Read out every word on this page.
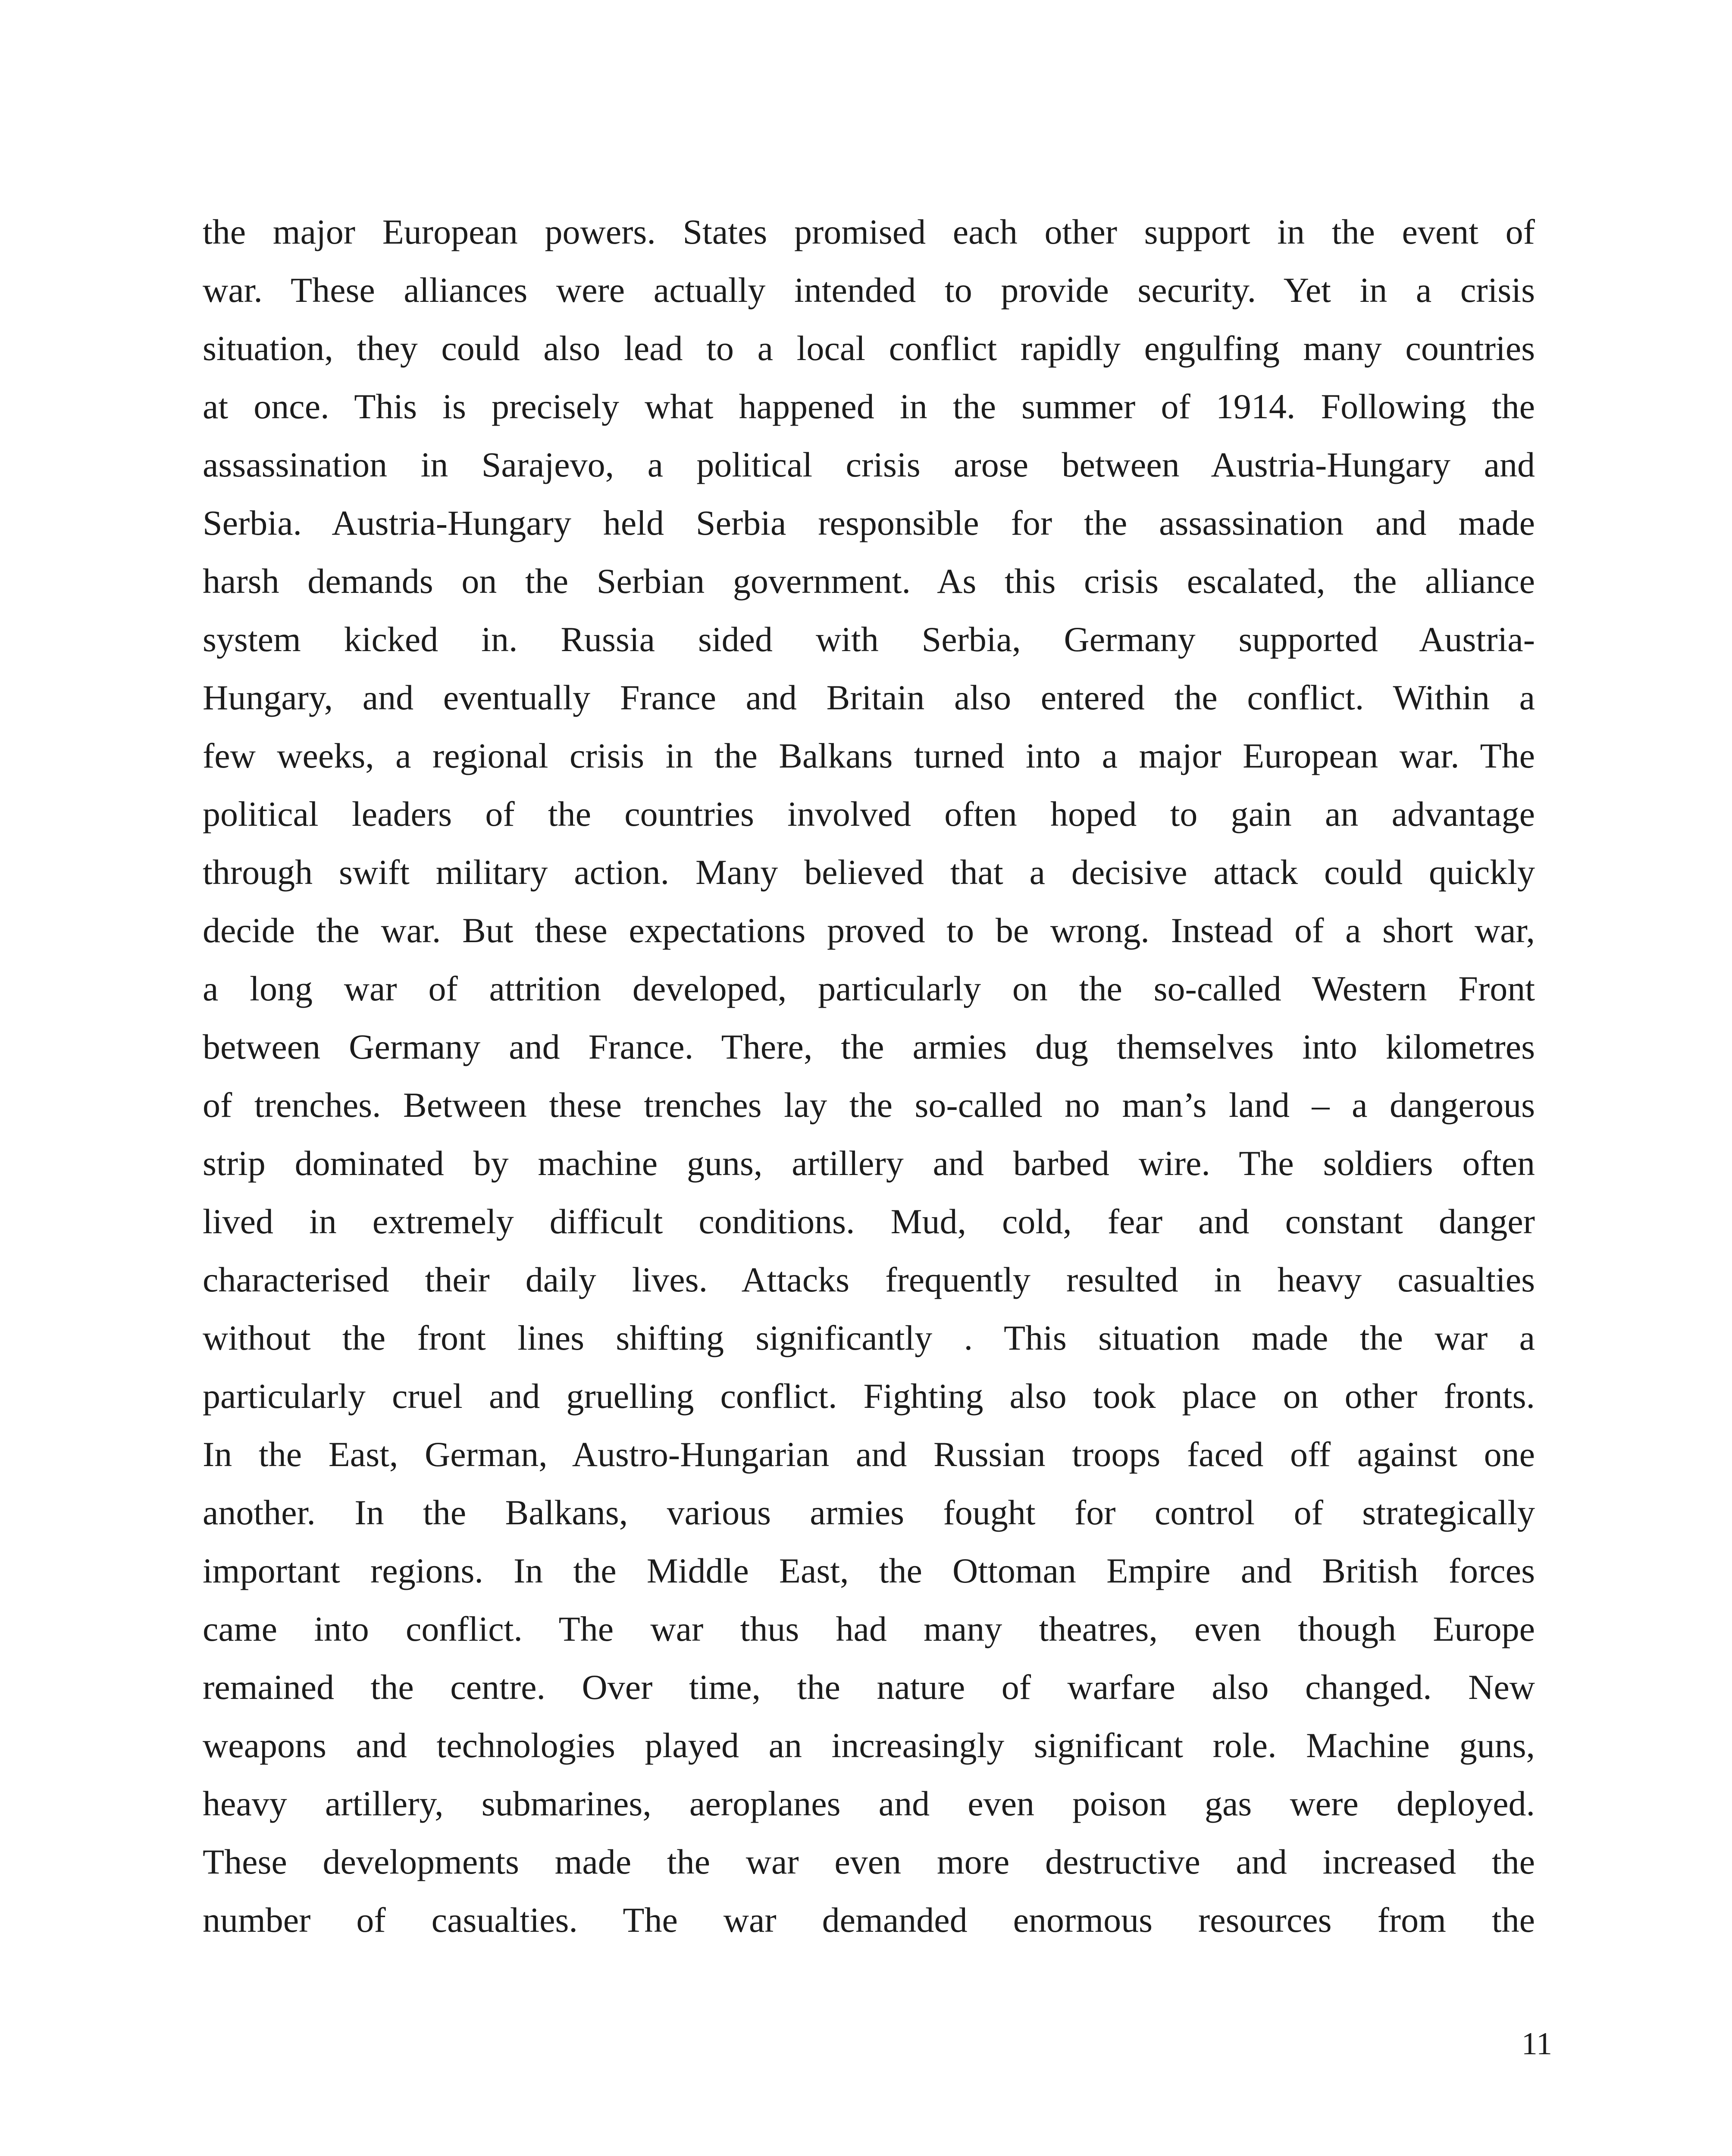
the major European powers. States promised each other support in the event of
war. These alliances were actually intended to provide security. Yet in a crisis
situation, they could also lead to a local conflict rapidly engulfing many countries
at once. This is precisely what happened in the summer of 1914. Following the
assassination in Sarajevo, a political crisis arose between Austria-Hungary and
Serbia. Austria-Hungary held Serbia responsible for the assassination and made
harsh demands on the Serbian government. As this crisis escalated, the alliance
system kicked in. Russia sided with Serbia, Germany supported Austria-
Hungary, and eventually France and Britain also entered the conflict. Within a
few weeks, a regional crisis in the Balkans turned into a major European war. The
political leaders of the countries involved often hoped to gain an advantage
through swift military action. Many believed that a decisive attack could quickly
decide the war. But these expectations proved to be wrong. Instead of a short war,
a long war of attrition developed, particularly on the so-called Western Front
between Germany and France. There, the armies dug themselves into kilometres
of trenches. Between these trenches lay the so-called no man’s land – a dangerous
strip dominated by machine guns, artillery and barbed wire. The soldiers often
lived in extremely difficult conditions. Mud, cold, fear and constant danger
characterised their daily lives. Attacks frequently resulted in heavy casualties
without the front lines shifting significantly . This situation made the war a
particularly cruel and gruelling conflict. Fighting also took place on other fronts.
In the East, German, Austro-Hungarian and Russian troops faced off against one
another. In the Balkans, various armies fought for control of strategically
important regions. In the Middle East, the Ottoman Empire and British forces
came into conflict. The war thus had many theatres, even though Europe
remained the centre. Over time, the nature of warfare also changed. New
weapons and technologies played an increasingly significant role. Machine guns,
heavy artillery, submarines, aeroplanes and even poison gas were deployed.
These developments made the war even more destructive and increased the
number of casualties. The war demanded enormous resources from the
11
